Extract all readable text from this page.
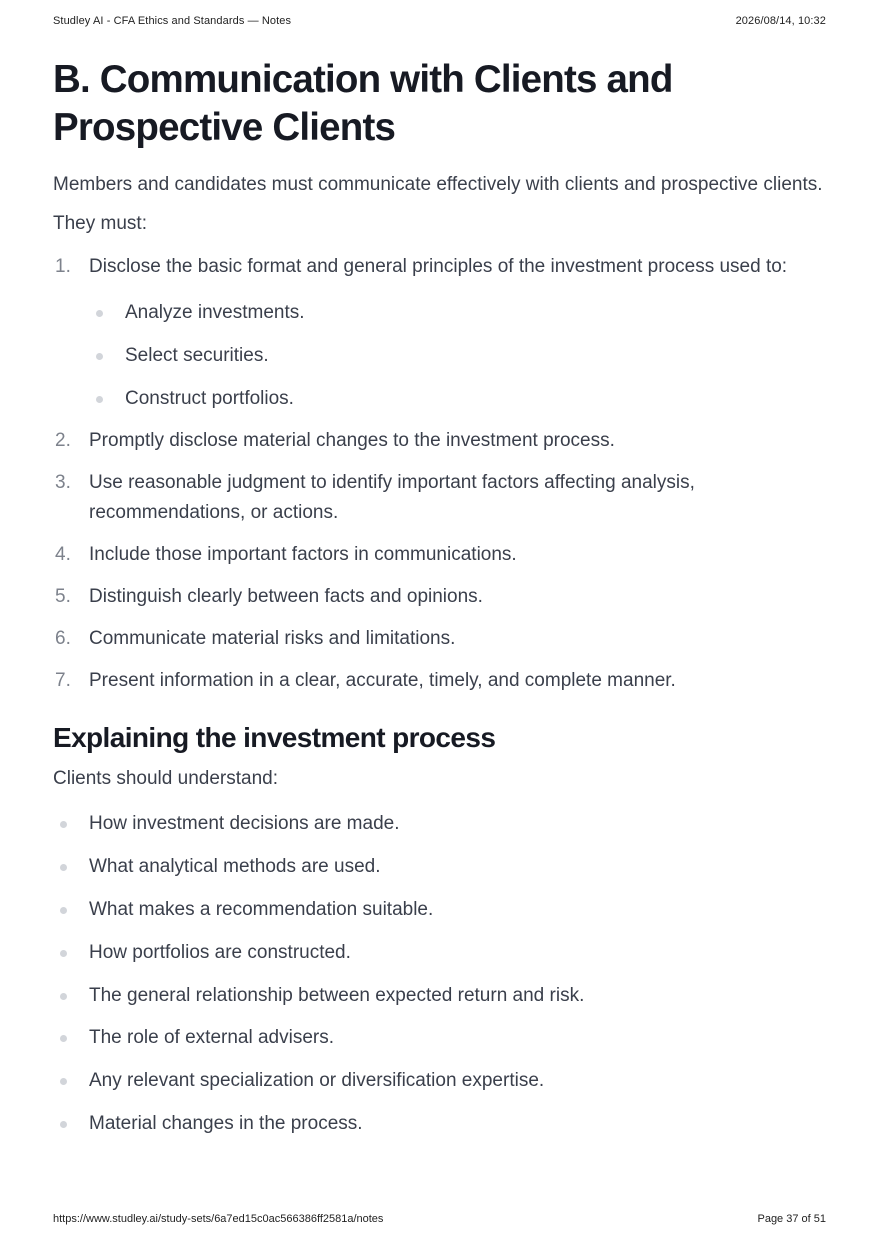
Studley AI - CFA Ethics and Standards — Notes	2026/08/14, 10:32
B. Communication with Clients and Prospective Clients

Members and candidates must communicate effectively with clients and prospective clients.

They must:

1. Disclose the basic format and general principles of the investment process used to:
Analyze investments.
Select securities.
Construct portfolios.
2. Promptly disclose material changes to the investment process.
3. Use reasonable judgment to identify important factors affecting analysis, recommendations, or actions.
4. Include those important factors in communications.
5. Distinguish clearly between facts and opinions.
6. Communicate material risks and limitations.
7. Present information in a clear, accurate, timely, and complete manner.
Explaining the investment process

Clients should understand:

How investment decisions are made.
What analytical methods are used.
What makes a recommendation suitable.
How portfolios are constructed.
The general relationship between expected return and risk.
The role of external advisers.
Any relevant specialization or diversification expertise.
Material changes in the process.
https://www.studley.ai/study-sets/6a7ed15c0ac566386ff2581a/notes	Page 37 of 51
